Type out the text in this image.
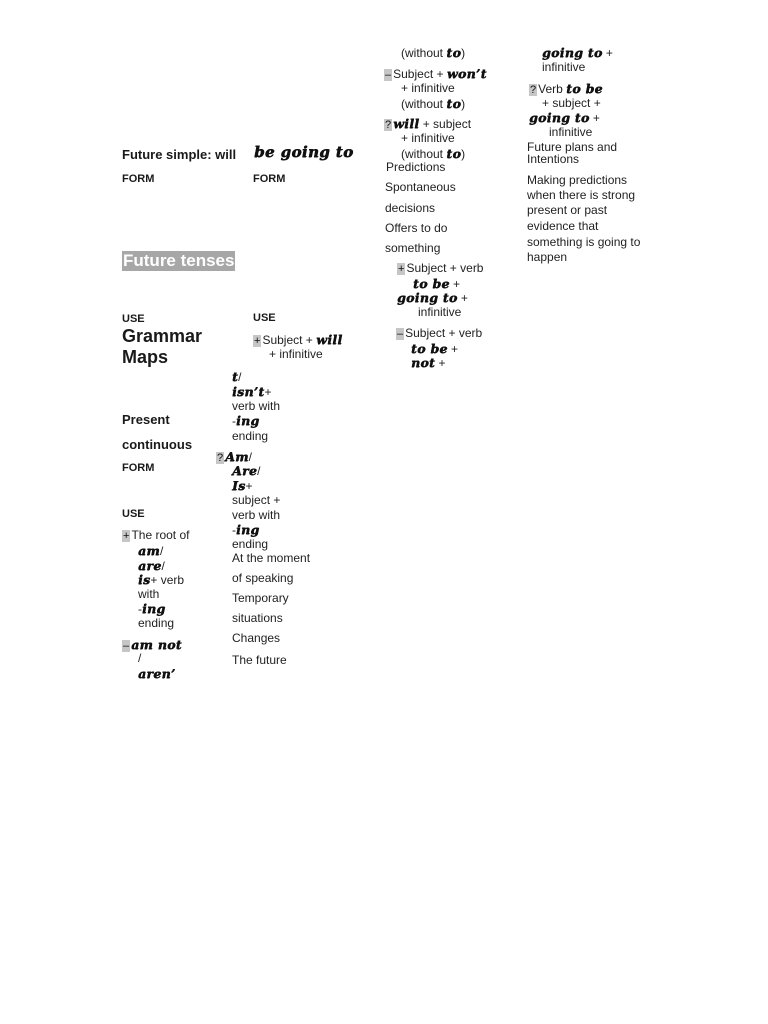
Future tenses
Grammar
Maps
Future simple: will
FORM
USE
+ Subject + will
+ infinitive
(without to)
– Subject + won’t
+ infinitive
(without to)
? will + subject
+ infinitive
(without to)
Predictions
Spontaneous
decisions
Offers to do
something
be going to
FORM
USE
+ Subject + verb
to be +
going to +
infinitive
– Subject + verb
to be +
not +
going to +
infinitive
? Verb to be
+ subject +
going to +
infinitive
Future plans and
Intentions
Making predictions
when there is strong
present or past
evidence that
something is going to
happen
Present
continuous
FORM
USE
+ The root of
am/
are/
is+ verb
with
-ing
ending
– am not
/
aren’
t/
isn’t+
verb with
-ing
ending
? Am/
Are/
Is+
subject +
verb with
-ing
ending
At the moment
of speaking
Temporary
situations
Changes
The future
